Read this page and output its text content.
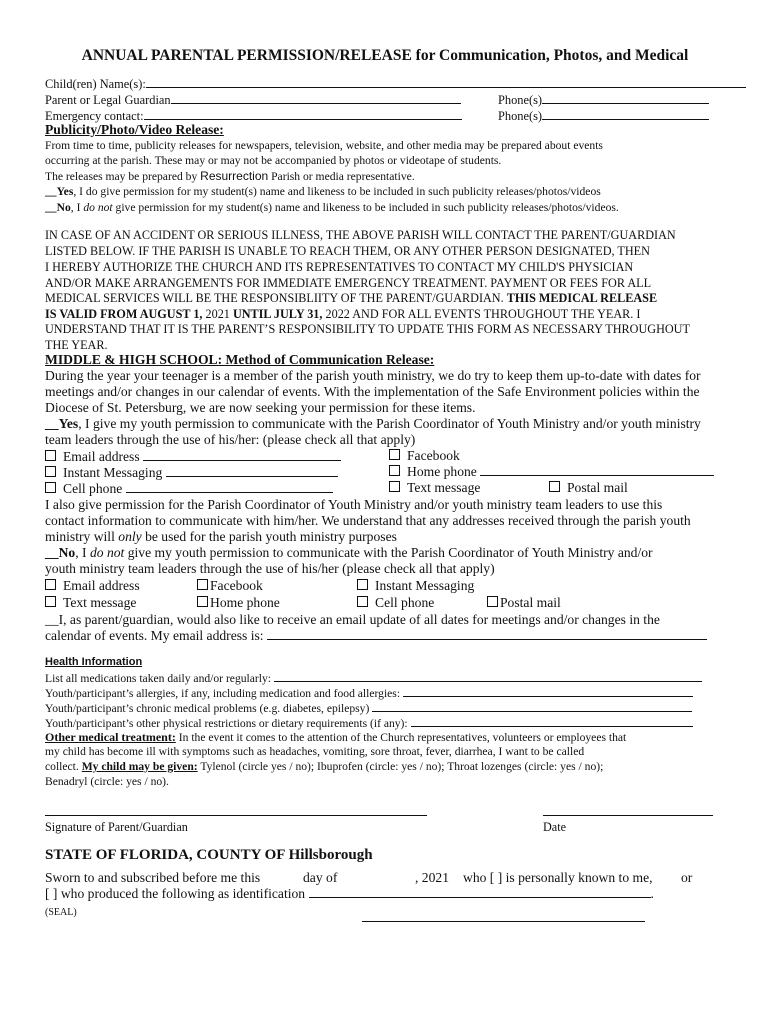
ANNUAL PARENTAL PERMISSION/RELEASE for Communication, Photos, and Medical
Child(ren) Name(s):
Parent or Legal Guardian	Phone(s)
Emergency contact:	Phone(s)
Publicity/Photo/Video Release:
From time to time, publicity releases for newspapers, television, website, and other media may be prepared about events
occurring at the parish. These may or may not be accompanied by photos or videotape of students.
The releases may be prepared by Resurrection Parish or media representative.
__Yes, I do give permission for my student(s) name and likeness to be included in such publicity releases/photos/videos
__No, I do not give permission for my student(s) name and likeness to be included in such publicity releases/photos/videos.
IN CASE OF AN ACCIDENT OR SERIOUS ILLNESS, THE ABOVE PARISH WILL CONTACT THE PARENT/GUARDIAN
LISTED BELOW. IF THE PARISH IS UNABLE TO REACH THEM, OR ANY OTHER PERSON DESIGNATED, THEN
I HEREBY AUTHORIZE THE CHURCH AND ITS REPRESENTATIVES TO CONTACT MY CHILD'S PHYSICIAN
AND/OR MAKE ARRANGEMENTS FOR IMMEDIATE EMERGENCY TREATMENT. PAYMENT OR FEES FOR ALL
MEDICAL SERVICES WILL BE THE RESPONSIBLIITY OF THE PARENT/GUARDIAN. THIS MEDICAL RELEASE
IS VALID FROM AUGUST 1, 2021 UNTIL JULY 31, 2022 AND FOR ALL EVENTS THROUGHOUT THE YEAR. I
UNDERSTAND THAT IT IS THE PARENT’S RESPONSIBILITY TO UPDATE THIS FORM AS NECESSARY THROUGHOUT
THE YEAR.
MIDDLE & HIGH SCHOOL: Method of Communication Release:
During the year your teenager is a member of the parish youth ministry, we do try to keep them up-to-date with dates for
meetings and/or changes in our calendar of events. With the implementation of the Safe Environment policies within the
Diocese of St. Petersburg, we are now seeking your permission for these items.
__Yes, I give my youth permission to communicate with the Parish Coordinator of Youth Ministry and/or youth ministry
team leaders through the use of his/her: (please check all that apply)
Email address	Facebook
Instant Messaging	Home phone
Cell phone	Text message	Postal mail
I also give permission for the Parish Coordinator of Youth Ministry and/or youth ministry team leaders to use this
contact information to communicate with him/her. We understand that any addresses received through the parish youth
ministry will only be used for the parish youth ministry purposes
__No, I do not give my youth permission to communicate with the Parish Coordinator of Youth Ministry and/or
youth ministry team leaders through the use of his/her (please check all that apply)
Email address	Facebook	Instant Messaging
Text message	Home phone	Cell phone	Postal mail
__I, as parent/guardian, would also like to receive an email update of all dates for meetings and/or changes in the
calendar of events. My email address is:
Health Information
List all medications taken daily and/or regularly:
Youth/participant’s allergies, if any, including medication and food allergies:
Youth/participant’s chronic medical problems (e.g. diabetes, epilepsy)
Youth/participant’s other physical restrictions or dietary requirements (if any):
Other medical treatment: In the event it comes to the attention of the Church representatives, volunteers or employees that
my child has become ill with symptoms such as headaches, vomiting, sore throat, fever, diarrhea, I want to be called
collect. My child may be given: Tylenol (circle yes / no); Ibuprofen (circle: yes / no); Throat lozenges (circle: yes / no);
Benadryl (circle: yes / no).
Signature of Parent/Guardian	Date
STATE OF FLORIDA, COUNTY OF Hillsborough
Sworn to and subscribed before me this	day of	, 2021 who [ ] is personally known to me, or
[ ] who produced the following as identification	.
(SEAL)
